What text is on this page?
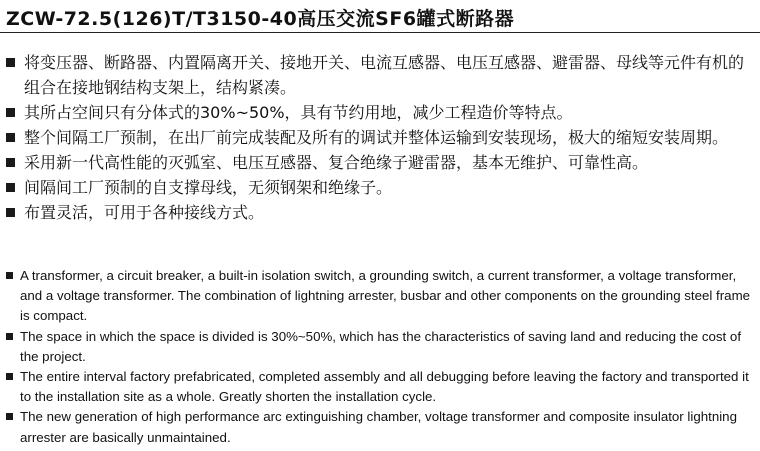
ZCW-72.5(126)T/T3150-40高压交流SF6罐式断路器
将变压器、断路器、内置隔离开关、接地开关、电流互感器、电压互感器、避雷器、母线等元件有机的组合在接地钢结构支架上，结构紧凑。
其所占空间只有分体式的30%~50%，具有节约用地，减少工程造价等特点。
整个间隔工厂预制，在出厂前完成装配及所有的调试并整体运输到安装现场，极大的缩短安装周期。
采用新一代高性能的灭弧室、电压互感器、复合绝缘子避雷器，基本无维护、可靠性高。
间隔间工厂预制的自支撑母线，无须钢架和绝缘子。
布置灵活，可用于各种接线方式。
A transformer, a circuit breaker, a built-in isolation switch, a grounding switch, a current transformer, a voltage transformer, and a voltage transformer. The combination of lightning arrester, busbar and other components on the grounding steel frame is compact.
The space in which the space is divided is 30%~50%, which has the characteristics of saving land and reducing the cost of the project.
The entire interval factory prefabricated, completed assembly and all debugging before leaving the factory and transported it to the installation site as a whole. Greatly shorten the installation cycle.
The new generation of high performance arc extinguishing chamber, voltage transformer and composite insulator lightning arrester are basically unmaintained.
